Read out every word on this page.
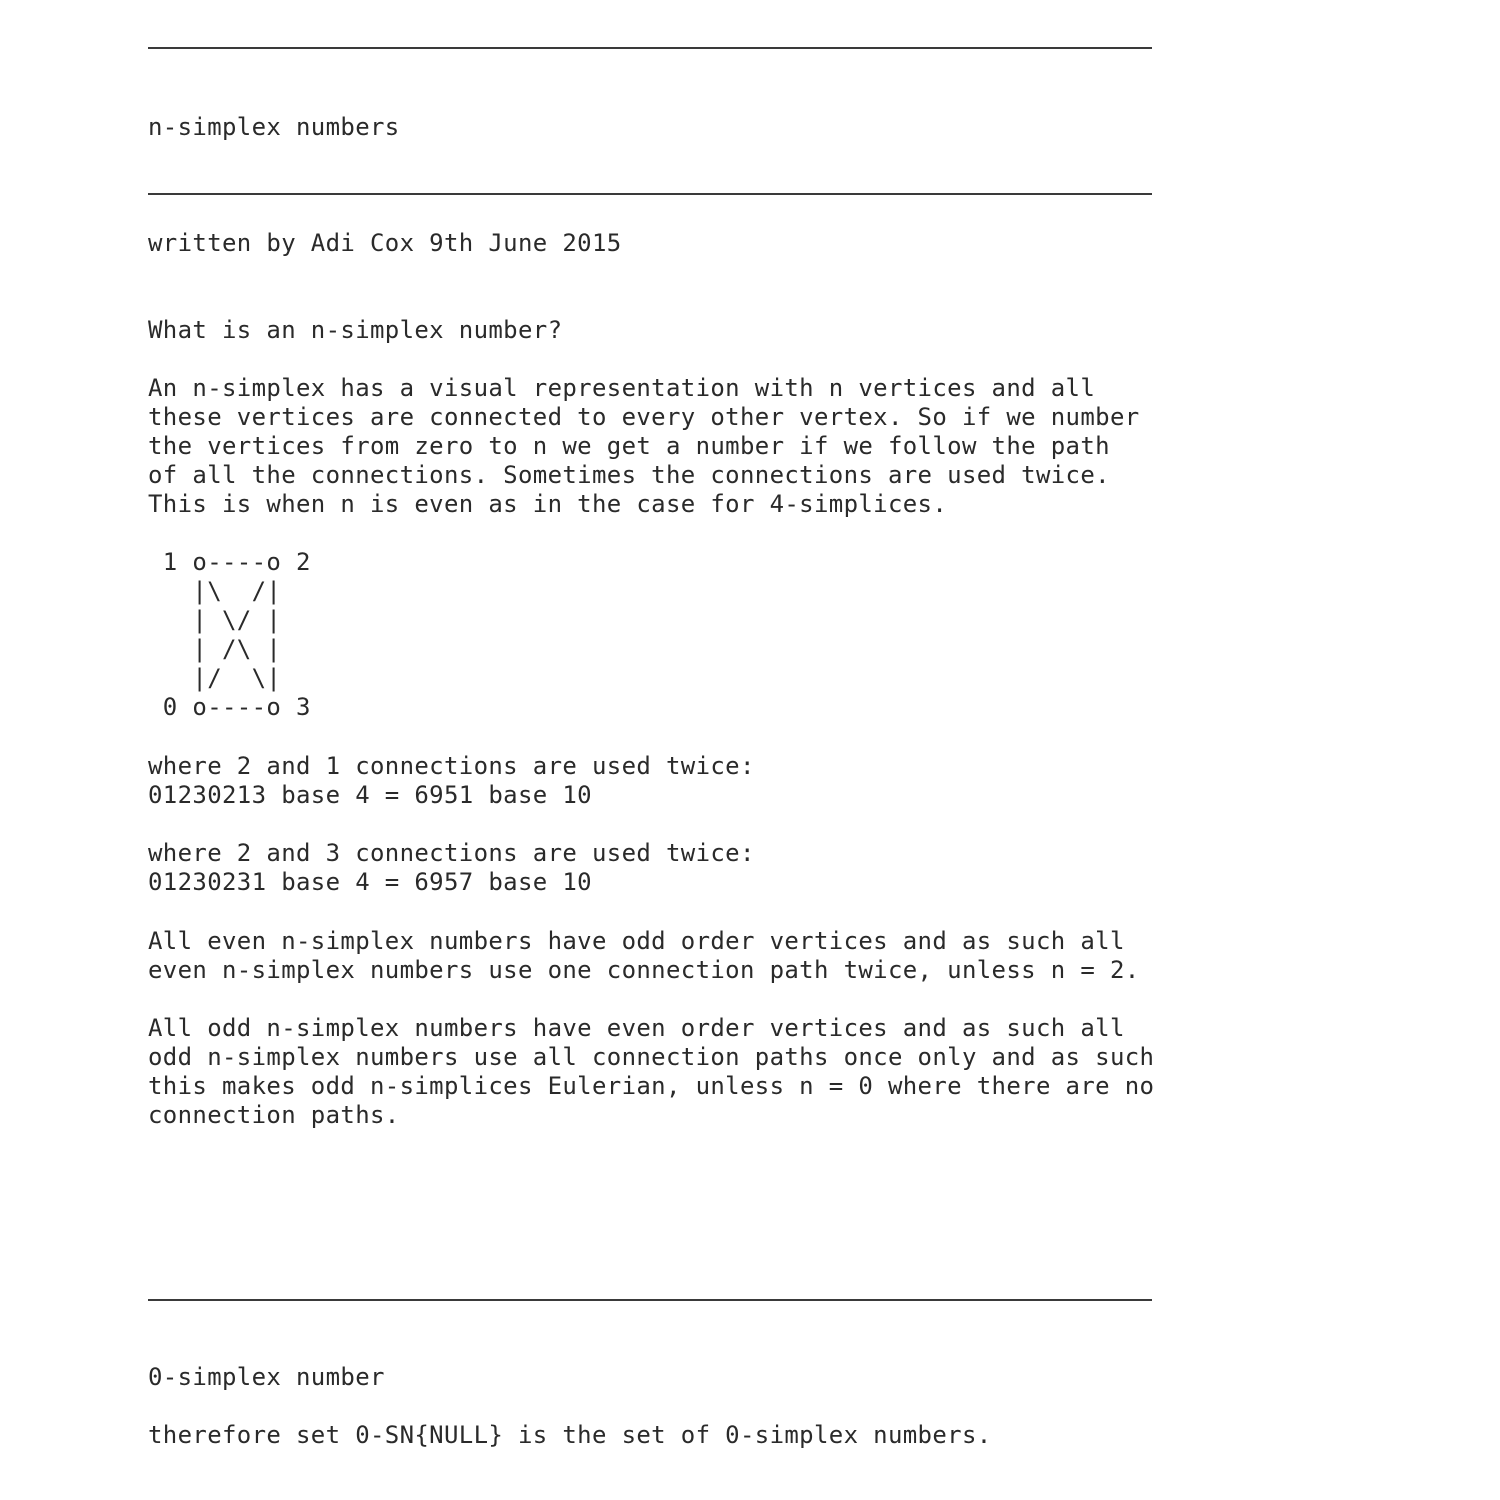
n-simplex numbers
written by Adi Cox 9th June 2015
What is an n-simplex number?
An n-simplex has a visual representation with n vertices and all
these vertices are connected to every other vertex. So if we number
the vertices from zero to n we get a number if we follow the path
of all the connections. Sometimes the connections are used twice.
This is when n is even as in the case for 4-simplices.
1 o----o 2
|\  /|
| \/ |
| /\ |
|/  \|
0 o----o 3
where 2 and 1 connections are used twice:
01230213 base 4 = 6951 base 10
where 2 and 3 connections are used twice:
01230231 base 4 = 6957 base 10
All even n-simplex numbers have odd order vertices and as such all
even n-simplex numbers use one connection path twice, unless n = 2.
All odd n-simplex numbers have even order vertices and as such all
odd n-simplex numbers use all connection paths once only and as such
this makes odd n-simplices Eulerian, unless n = 0 where there are no
connection paths.
0-simplex number
therefore set 0-SN{NULL} is the set of 0-simplex numbers.
